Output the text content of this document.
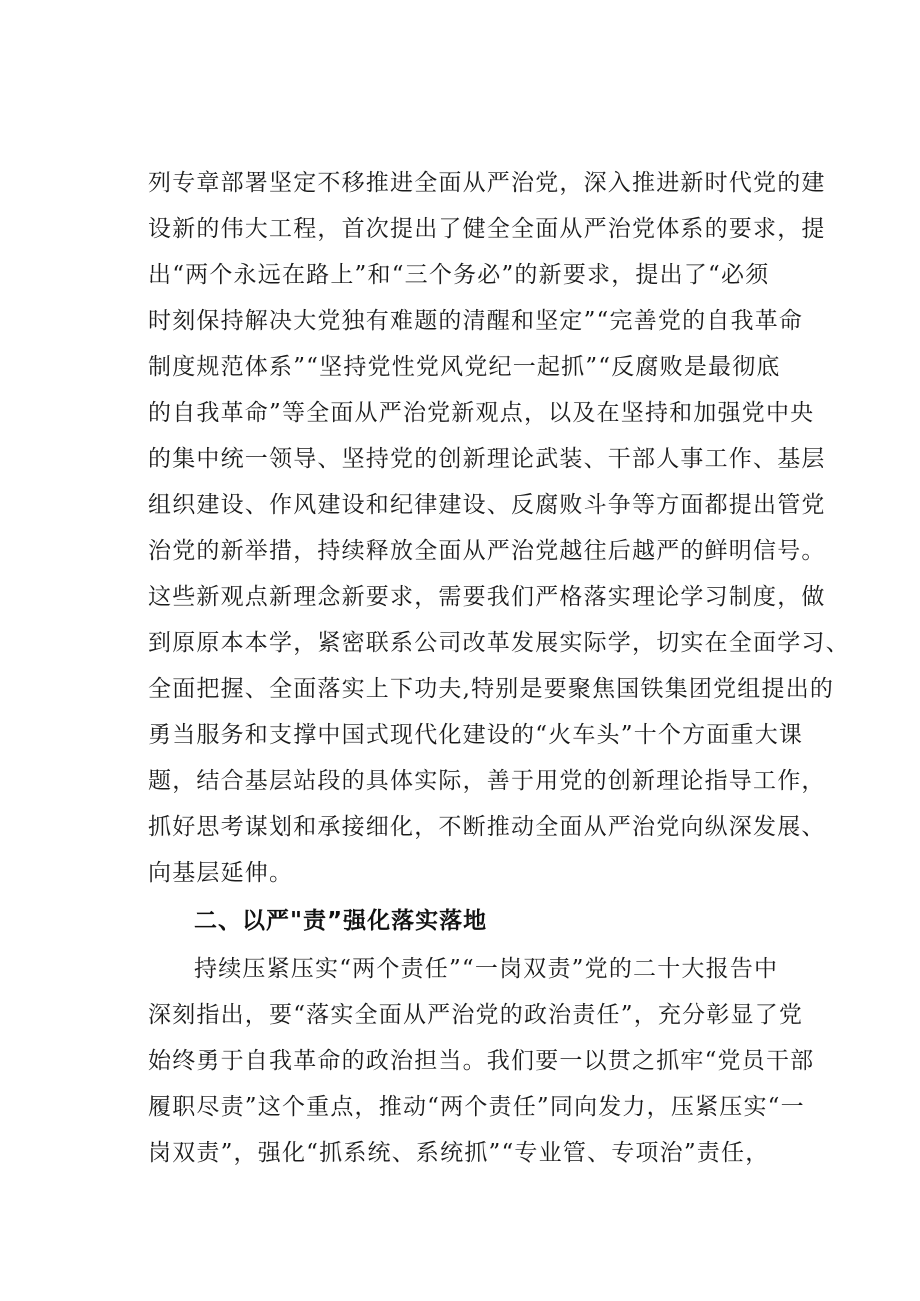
列专章部署坚定不移推进全面从严治党，深入推进新时代党的建
设新的伟大工程，首次提出了健全全面从严治党体系的要求，提
出“两个永远在路上”和“三个务必”的新要求，提出了“必须
时刻保持解决大党独有难题的清醒和坚定”“完善党的自我革命
制度规范体系”“坚持党性党风党纪一起抓”“反腐败是最彻底
的自我革命”等全面从严治党新观点，以及在坚持和加强党中央
的集中统一领导、坚持党的创新理论武装、干部人事工作、基层
组织建设、作风建设和纪律建设、反腐败斗争等方面都提出管党
治党的新举措，持续释放全面从严治党越往后越严的鲜明信号。
这些新观点新理念新要求，需要我们严格落实理论学习制度，做
到原原本本学，紧密联系公司改革发展实际学，切实在全面学习、
全面把握、全面落实上下功夫,特别是要聚焦国铁集团党组提出的
勇当服务和支撑中国式现代化建设的“火车头”十个方面重大课
题，结合基层站段的具体实际，善于用党的创新理论指导工作，
抓好思考谋划和承接细化，不断推动全面从严治党向纵深发展、
向基层延伸。
二、以严"责”强化落实落地
持续压紧压实“两个责任”“一岗双责”党的二十大报告中
深刻指出，要“落实全面从严治党的政治责任”，充分彰显了党
始终勇于自我革命的政治担当。我们要一以贯之抓牢“党员干部
履职尽责”这个重点，推动“两个责任”同向发力，压紧压实“一
岗双责”，强化“抓系统、系统抓”“专业管、专项治”责任，
